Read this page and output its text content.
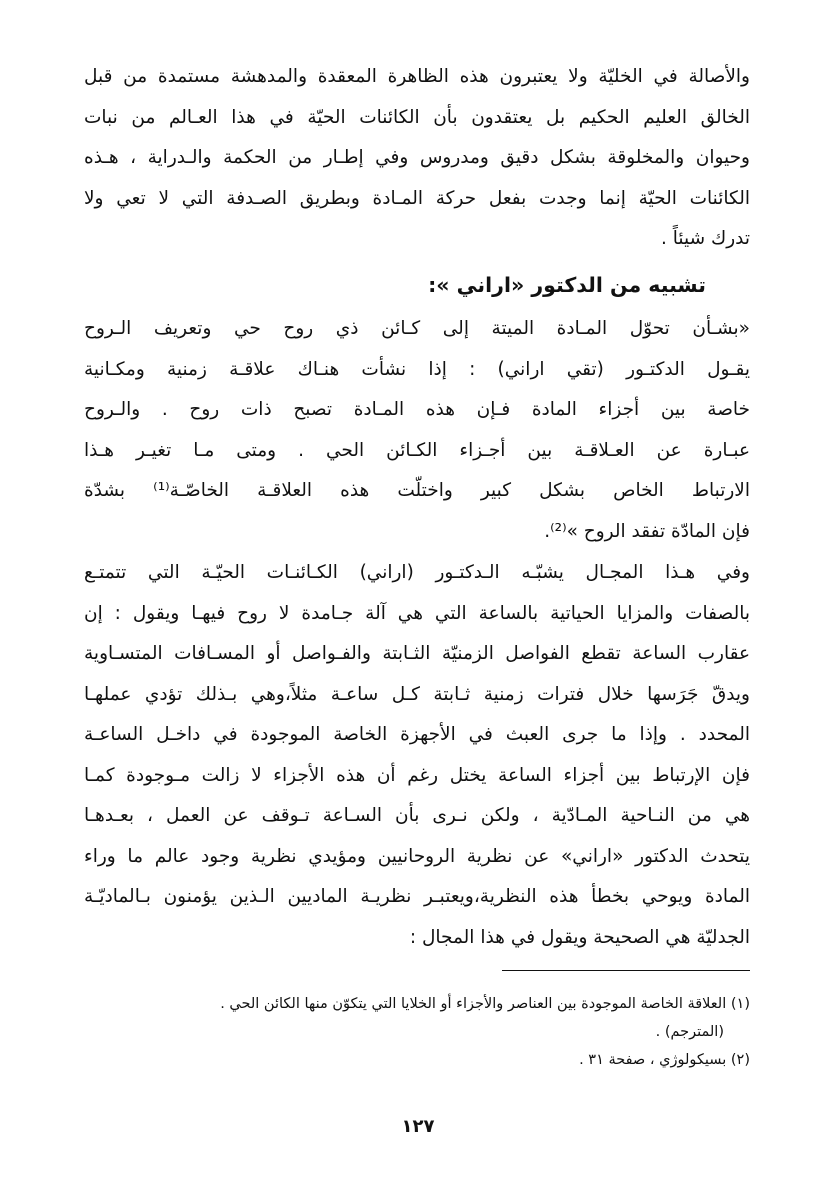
والأصالة في الخليّة ولا يعتبرون هذه الظاهرة المعقدة والمدهشة مستمدة من قبل
الخالق العليم الحكيم بل يعتقدون بأن الكائنات الحيّة في هذا العـالم من نبات
وحيوان والمخلوقة بشكل دقيق ومدروس وفي إطـار من الحكمة والـدراية ، هـذه
الكائنات الحيّة إنما وجدت بفعل حركة المـادة وبطريق الصـدفة التي لا تعي ولا
تدرك شيئاً .
تشبيه من الدكتور «اراني »:
«بشـأن تحوّل المـادة الميتة إلى كـائن ذي روح حي وتعريف الـروح
يقـول الدكتـور (تقي اراني) : إذا نشأت هنـاك علاقـة زمنية ومكـانية
خاصة بين أجزاء المادة فـإن هذه المـادة تصبح ذات روح . والـروح
عبـارة عن العـلاقـة بين أجـزاء الكـائن الحي . ومتى مـا تغيـر هـذا
الارتباط الخاص بشكل كبير واختلّت هذه العلاقـة الخاصّـة⁽¹⁾ بشدّة
فإن المادّة تفقد الروح »⁽²⁾.
وفي هـذا المجـال يشبّـه الـدكتـور (اراني) الكـائنـات الحيّـة التي تتمتـع
بالصفات والمزايا الحياتية بالساعة التي هي آلة جـامدة لا روح فيهـا ويقول : إن
عقارب الساعة تقطع الفواصل الزمنيّة الثـابتة والفـواصل أو المسـافات المتسـاوية
ويدقّ جَرَسها خلال فترات زمنية ثـابتة كـل ساعـة مثلاً،وهي بـذلك تؤدي عملهـا
المحدد . وإذا ما جرى العبث في الأجهزة الخاصة الموجودة في داخـل الساعـة
فإن الإرتباط بين أجزاء الساعة يختل رغم أن هذه الأجزاء لا زالت مـوجودة كمـا
هي من النـاحية المـادّية ، ولكن نـرى بأن السـاعة تـوقف عن العمل ، بعـدهـا
يتحدث الدكتور «اراني» عن نظرية الروحانيين ومؤيدي نظرية وجود عالم ما وراء
المادة ويوحي بخطأ هذه النظرية،ويعتبـر نظريـة الماديين الـذين يؤمنون بـالماديّـة
الجدليّة هي الصحيحة ويقول في هذا المجال :
(١) العلاقة الخاصة الموجودة بين العناصر والأجزاء أو الخلايا التي يتكوّن منها الكائن الحي .
(المترجم) .
(٢) بسيكولوژي ، صفحة ٣١ .
١٢٧
